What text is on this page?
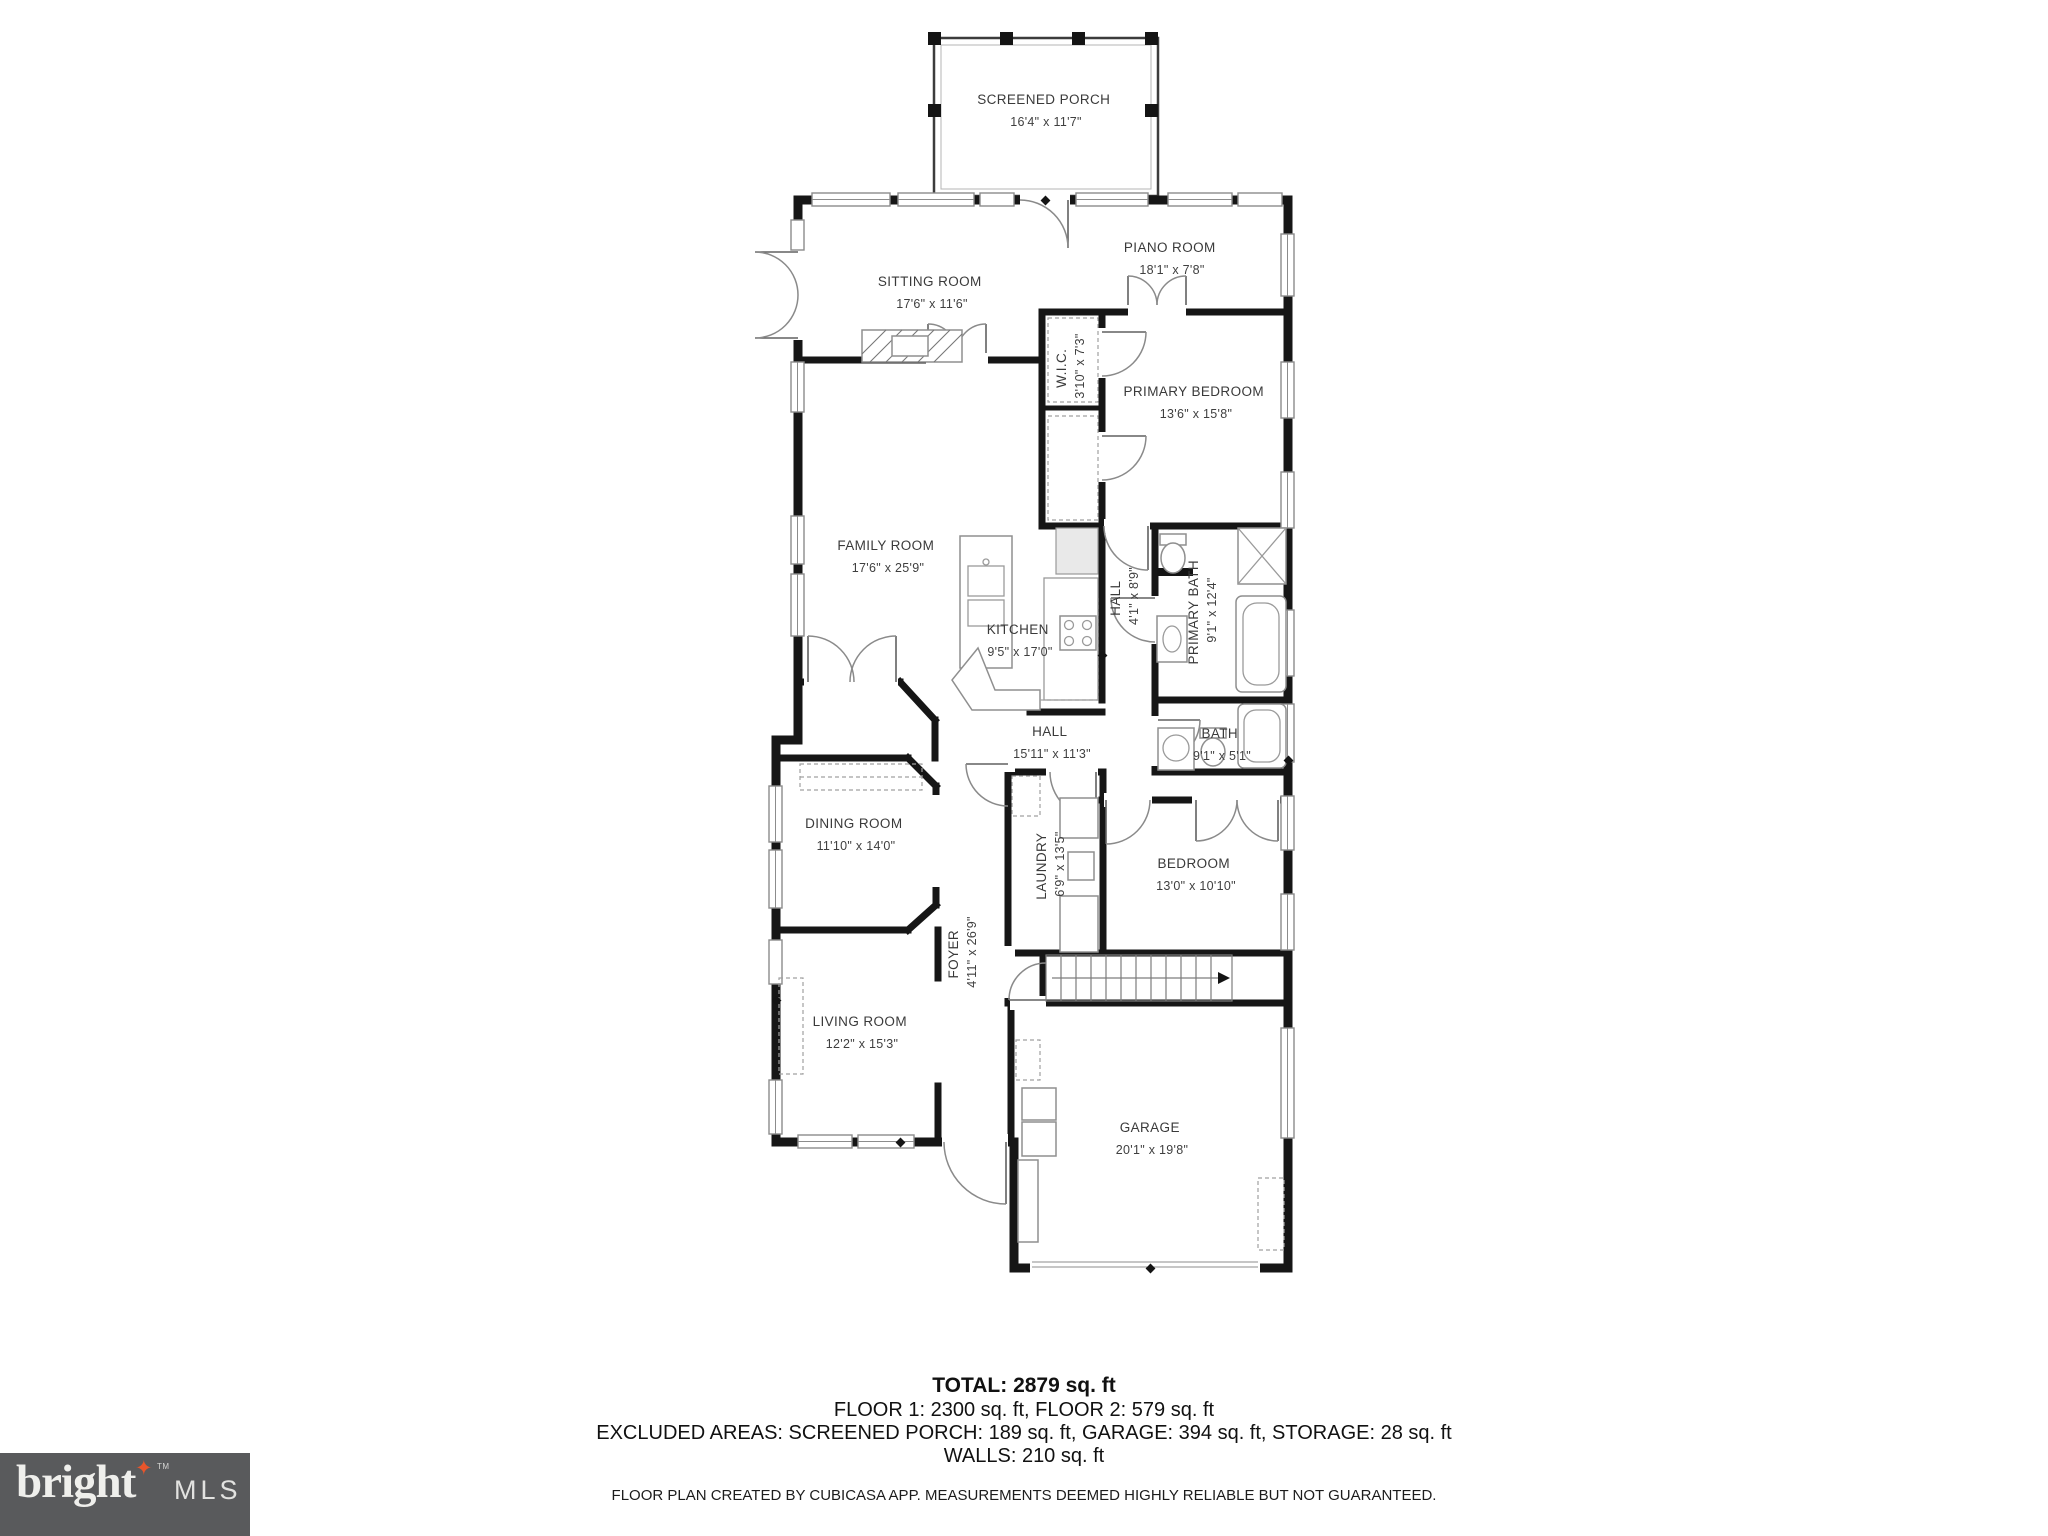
SCREENED PORCH 16'4" x 11'7"
SITTING ROOM 17'6" x 11'6"
PIANO ROOM 18'1" x 7'8"
W.I.C. 3'10" x 7'3"	PRIMARY BEDROOM 13'6" x 15'8"
FAMILY ROOM 17'6" x 25'9"
KITCHEN 9'5" x 17'0"
HALL 4'1" x 8'9"	PRIMARY BATH 9'1" x 12'4"
BATH 9'1" x 5'1"
HALL 15'11" x 11'3"
DINING ROOM 11'10" x 14'0"	LAUNDRY 6'9" x 13'5"	BEDROOM 13'0" x 10'10"
FOYER 4'11" x 26'9"
LIVING ROOM 12'2" x 15'3"
GARAGE 20'1" x 19'8"
TOTAL: 2879 sq. ft
FLOOR 1: 2300 sq. ft, FLOOR 2: 579 sq. ft
EXCLUDED AREAS: SCREENED PORCH: 189 sq. ft, GARAGE: 394 sq. ft, STORAGE: 28 sq. ft
WALLS: 210 sq. ft
FLOOR PLAN CREATED BY CUBICASA APP. MEASUREMENTS DEEMED HIGHLY RELIABLE BUT NOT GUARANTEED.
bright ✦ TM
MLS
